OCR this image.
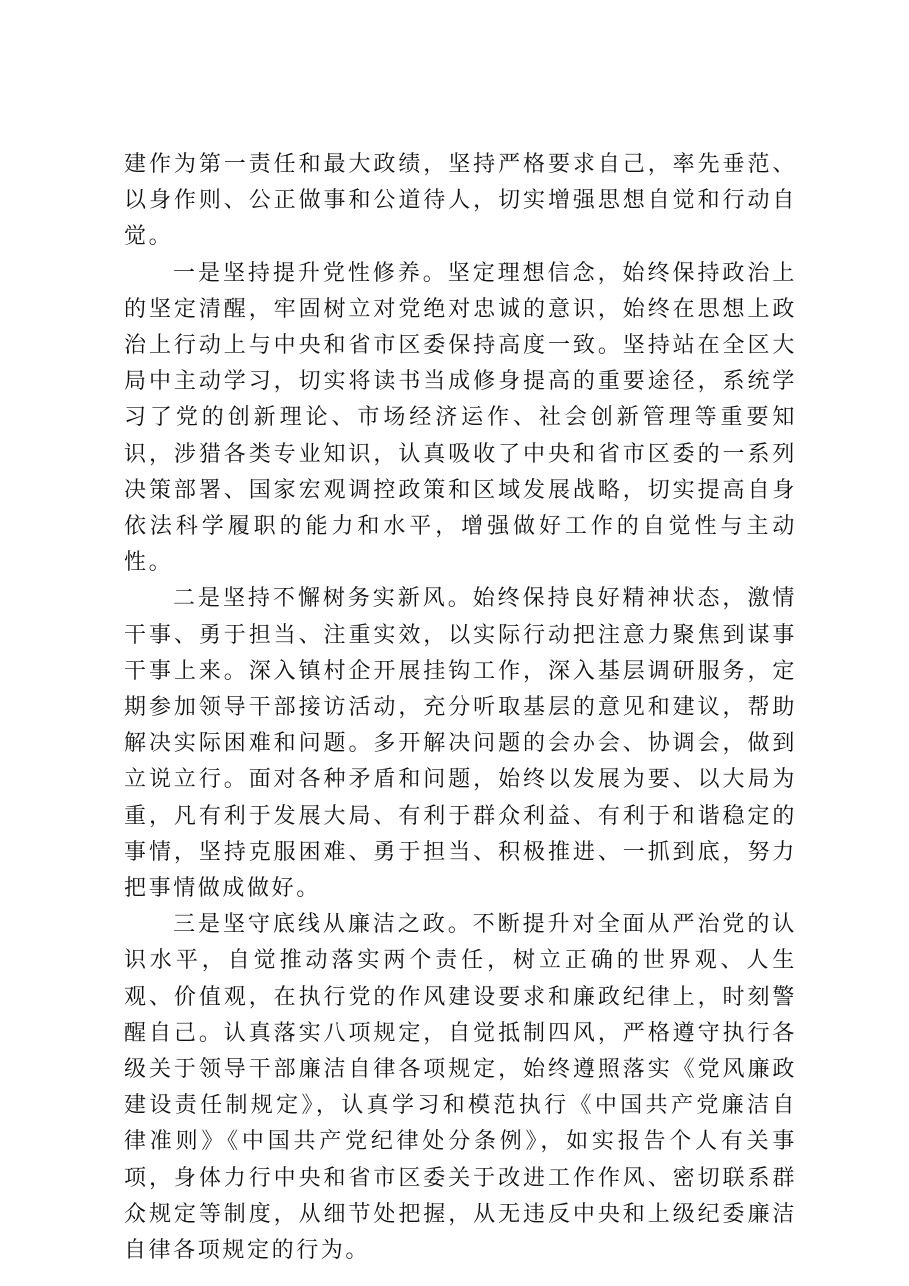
建作为第一责任和最大政绩，坚持严格要求自己，率先垂范、以身作则、公正做事和公道待人，切实增强思想自觉和行动自觉。

一是坚持提升党性修养。坚定理想信念，始终保持政治上的坚定清醒，牢固树立对党绝对忠诚的意识，始终在思想上政治上行动上与中央和省市区委保持高度一致。坚持站在全区大局中主动学习，切实将读书当成修身提高的重要途径，系统学习了党的创新理论、市场经济运作、社会创新管理等重要知识，涉猎各类专业知识，认真吸收了中央和省市区委的一系列决策部署、国家宏观调控政策和区域发展战略，切实提高自身依法科学履职的能力和水平，增强做好工作的自觉性与主动性。

二是坚持不懈树务实新风。始终保持良好精神状态，激情干事、勇于担当、注重实效，以实际行动把注意力聚焦到谋事干事上来。深入镇村企开展挂钩工作，深入基层调研服务，定期参加领导干部接访活动，充分听取基层的意见和建议，帮助解决实际困难和问题。多开解决问题的会办会、协调会，做到立说立行。面对各种矛盾和问题，始终以发展为要、以大局为重，凡有利于发展大局、有利于群众利益、有利于和谐稳定的事情，坚持克服困难、勇于担当、积极推进、一抓到底，努力把事情做成做好。

三是坚守底线从廉洁之政。不断提升对全面从严治党的认识水平，自觉推动落实两个责任，树立正确的世界观、人生观、价值观，在执行党的作风建设要求和廉政纪律上，时刻警醒自己。认真落实八项规定，自觉抵制四风，严格遵守执行各级关于领导干部廉洁自律各项规定，始终遵照落实《党风廉政建设责任制规定》，认真学习和模范执行《中国共产党廉洁自律准则》《中国共产党纪律处分条例》，如实报告个人有关事项，身体力行中央和省市区委关于改进工作作风、密切联系群众规定等制度，从细节处把握，从无违反中央和上级纪委廉洁自律各项规定的行为。
